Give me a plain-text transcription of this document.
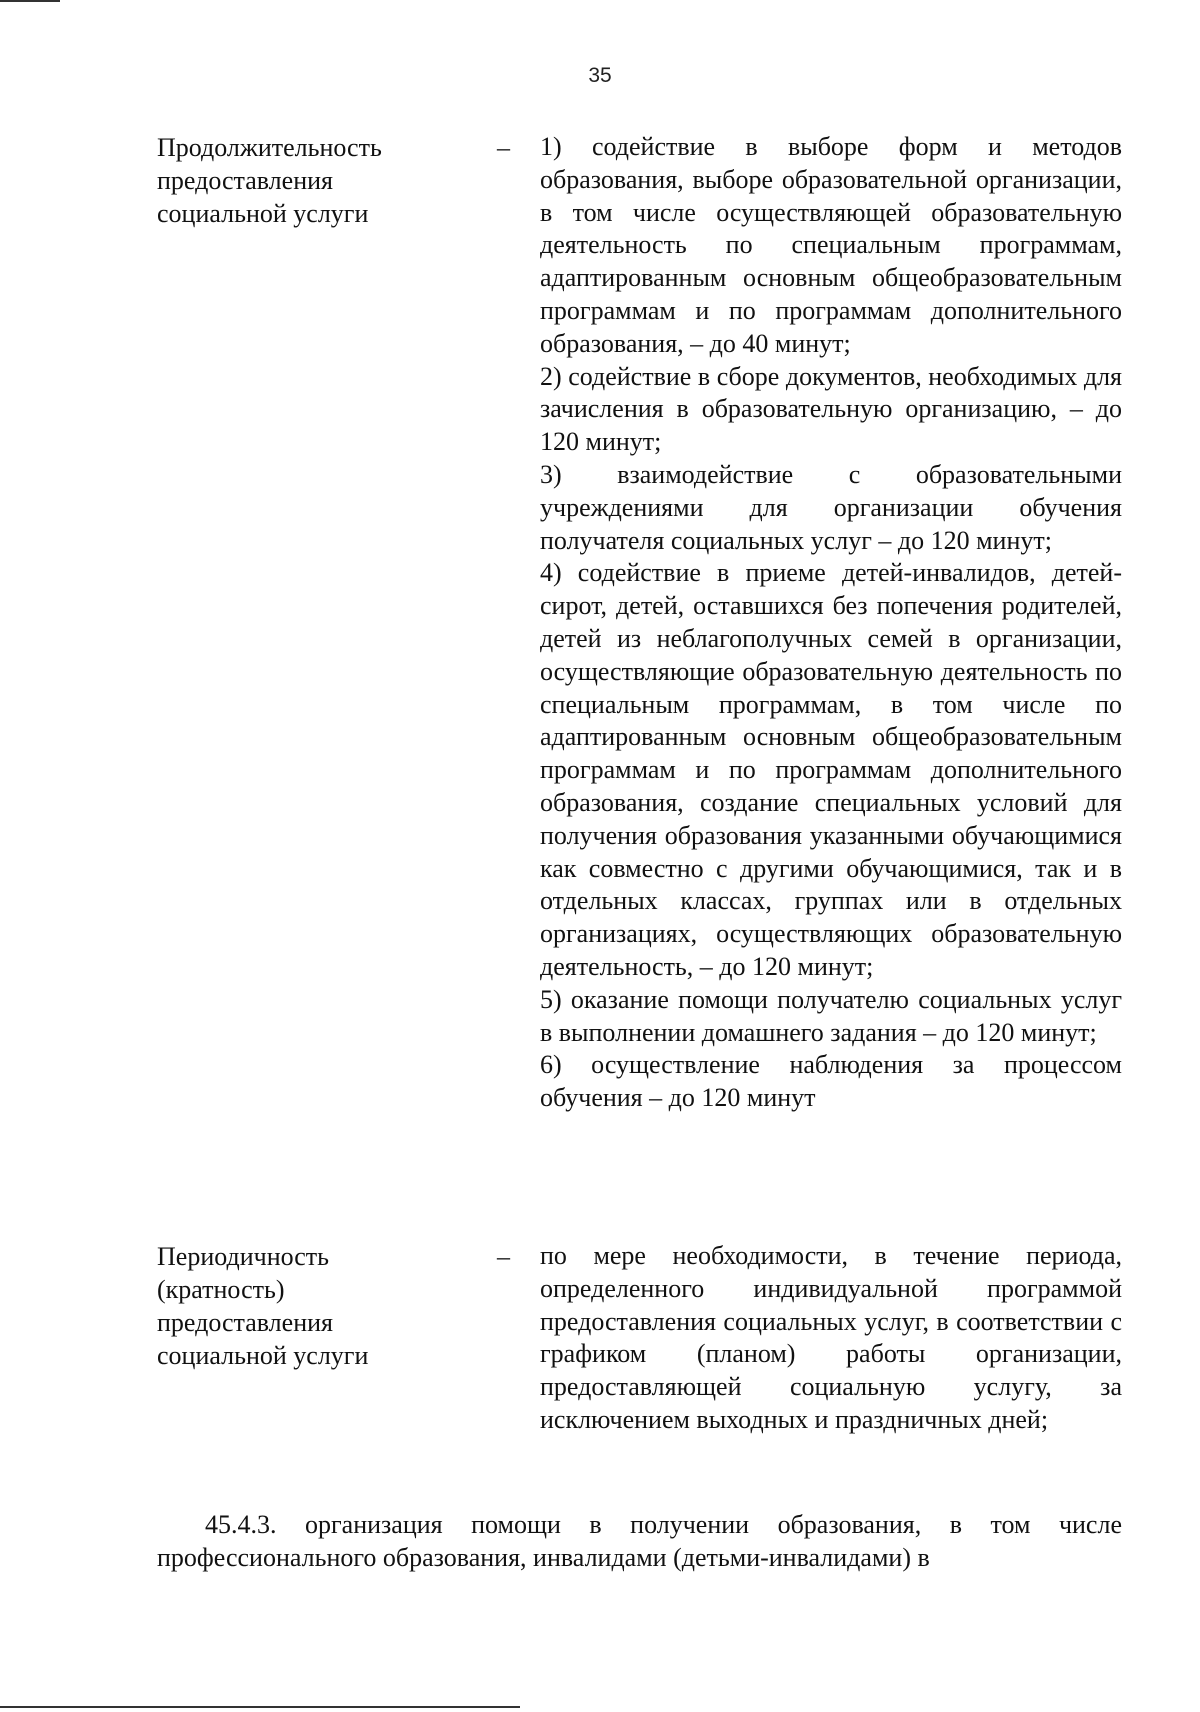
35
Продолжительность
предоставления
социальной услуги
– 1) содействие в выборе форм и методов образования, выборе образовательной организации, в том числе осуществляющей образовательную деятельность по специальным программам, адаптированным основным общеобразовательным программам и по программам дополнительного образования, – до 40 минут;

2) содействие в сборе документов, необходимых для зачисления в образовательную организацию, – до 120 минут;

3) взаимодействие с образовательными учреждениями для организации обучения получателя социальных услуг – до 120 минут;

4) содействие в приеме детей-инвалидов, детей-сирот, детей, оставшихся без попечения родителей, детей из неблагополучных семей в организации, осуществляющие образовательную деятельность по специальным программам, в том числе по адаптированным основным общеобразовательным программам и по программам дополнительного образования, создание специальных условий для получения образования указанными обучающимися как совместно с другими обучающимися, так и в отдельных классах, группах или в отдельных организациях, осуществляющих образовательную деятельность, – до 120 минут;

5) оказание помощи получателю социальных услуг в выполнении домашнего задания – до 120 минут;

6) осуществление наблюдения за процессом обучения – до 120 минут

Периодичность
(кратность)
предоставления
социальной услуги
– по мере необходимости, в течение периода, определенного индивидуальной программой предоставления социальных услуг, в соответствии с графиком (планом) работы организации, предоставляющей социальную услугу, за исключением выходных и праздничных дней;

45.4.3. организация помощи в получении образования, в том числе профессионального образования, инвалидами (детьми-инвалидами) в
